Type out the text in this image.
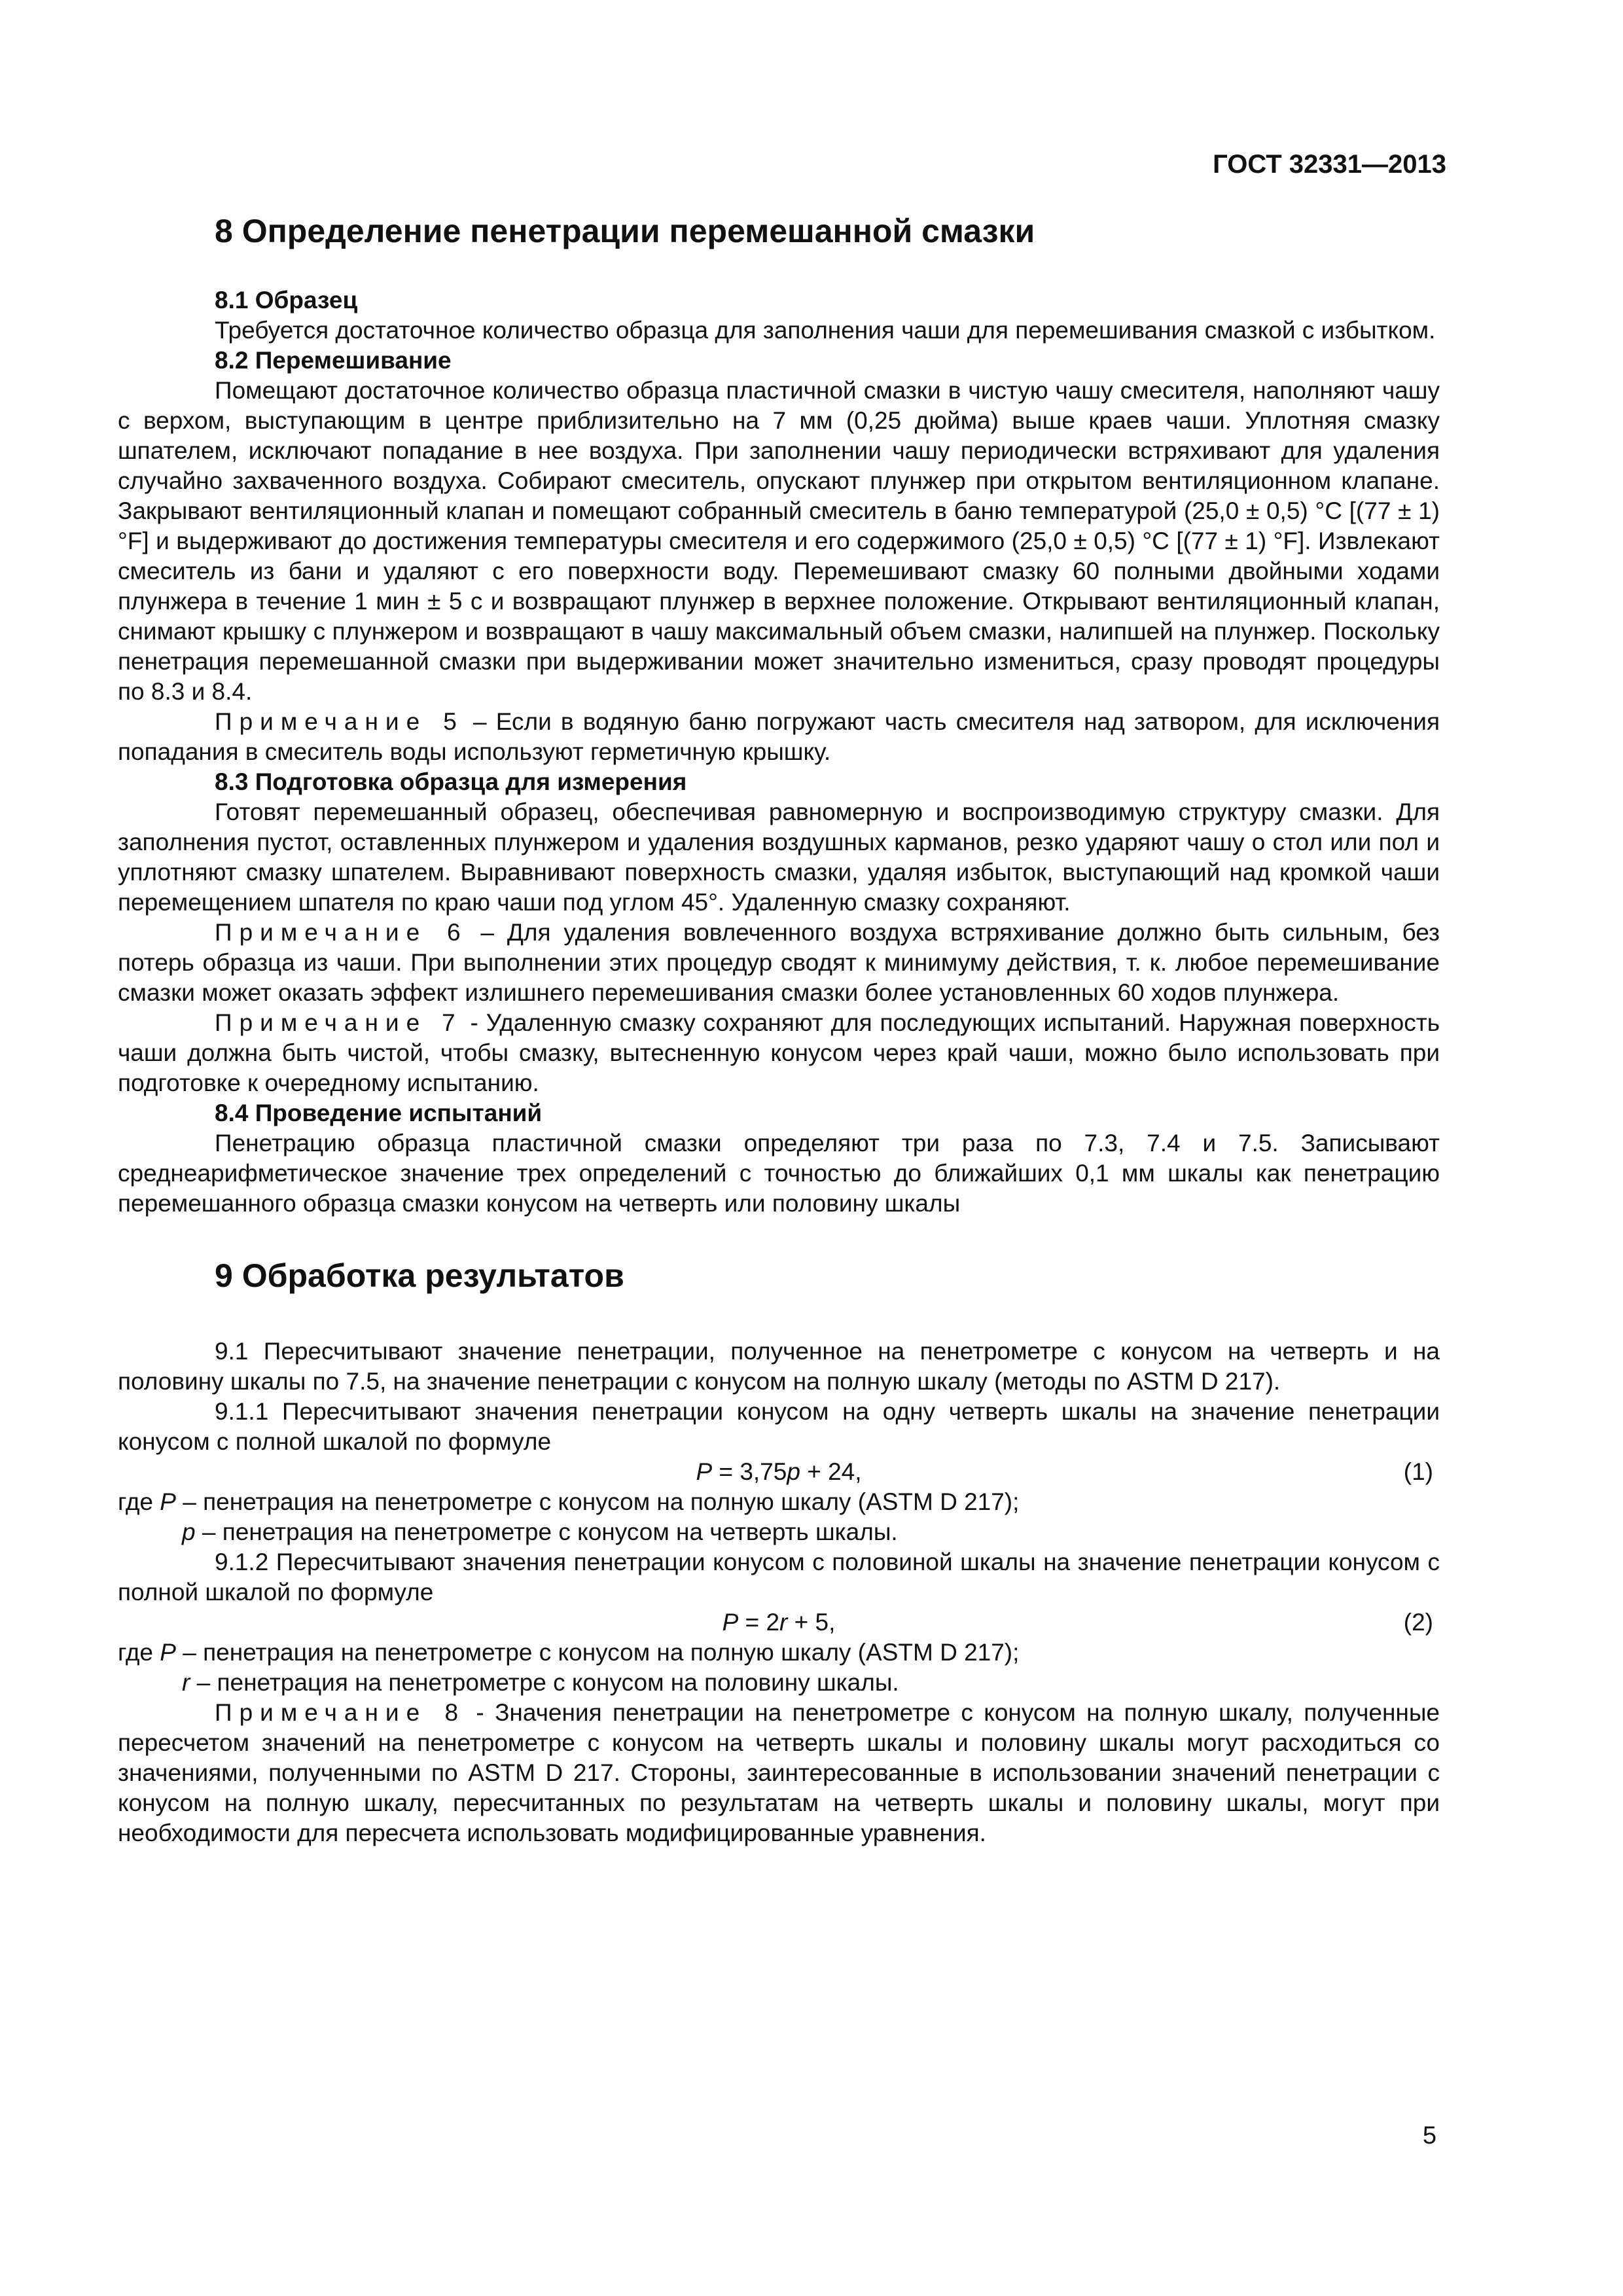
ГОСТ 32331—2013
8 Определение пенетрации перемешанной смазки
8.1 Образец

Требуется достаточное количество образца для заполнения чаши для перемешивания смазкой с избытком.

8.2 Перемешивание

Помещают достаточное количество образца пластичной смазки в чистую чашу смесителя, наполняют чашу с верхом, выступающим в центре приблизительно на 7 мм (0,25 дюйма) выше краев чаши. Уплотняя смазку шпателем, исключают попадание в нее воздуха. При заполнении чашу периодически встряхивают для удаления случайно захваченного воздуха. Собирают смеситель, опускают плунжер при открытом вентиляционном клапане. Закрывают вентиляционный клапан и помещают собранный смеситель в баню температурой (25,0 ± 0,5) °С [(77 ± 1) °F] и выдерживают до достижения температуры смесителя и его содержимого (25,0 ± 0,5) °С [(77 ± 1) °F]. Извлекают смеситель из бани и удаляют с его поверхности воду. Перемешивают смазку 60 полными двойными ходами плунжера в течение 1 мин ± 5 с и возвращают плунжер в верхнее положение. Открывают вентиляционный клапан, снимают крышку с плунжером и возвращают в чашу максимальный объем смазки, налипшей на плунжер. Поскольку пенетрация перемешанной смазки при выдерживании может значительно измениться, сразу проводят процедуры по 8.3 и 8.4.

Примечание 5 – Если в водяную баню погружают часть смесителя над затвором, для исключения попадания в смеситель воды используют герметичную крышку.

8.3 Подготовка образца для измерения

Готовят перемешанный образец, обеспечивая равномерную и воспроизводимую структуру смазки. Для заполнения пустот, оставленных плунжером и удаления воздушных карманов, резко ударяют чашу о стол или пол и уплотняют смазку шпателем. Выравнивают поверхность смазки, удаляя избыток, выступающий над кромкой чаши перемещением шпателя по краю чаши под углом 45°. Удаленную смазку сохраняют.

Примечание 6 – Для удаления вовлеченного воздуха встряхивание должно быть сильным, без потерь образца из чаши. При выполнении этих процедур сводят к минимуму действия, т. к. любое перемешивание смазки может оказать эффект излишнего перемешивания смазки более установленных 60 ходов плунжера.

Примечание 7 - Удаленную смазку сохраняют для последующих испытаний. Наружная поверхность чаши должна быть чистой, чтобы смазку, вытесненную конусом через край чаши, можно было использовать при подготовке к очередному испытанию.

8.4 Проведение испытаний

Пенетрацию образца пластичной смазки определяют три раза по 7.3, 7.4 и 7.5. Записывают среднеарифметическое значение трех определений с точностью до ближайших 0,1 мм шкалы как пенетрацию перемешанного образца смазки конусом на четверть или половину шкалы

9 Обработка результатов

9.1 Пересчитывают значение пенетрации, полученное на пенетрометре с конусом на четверть и на половину шкалы по 7.5, на значение пенетрации с конусом на полную шкалу (методы по ASTM D 217).

9.1.1 Пересчитывают значения пенетрации конусом на одну четверть шкалы на значение пенетрации конусом с полной шкалой по формуле

P = 3,75p + 24,	(1)

где P – пенетрация на пенетрометре с конусом на полную шкалу (ASTM D 217);

p – пенетрация на пенетрометре с конусом на четверть шкалы.

9.1.2 Пересчитывают значения пенетрации конусом с половиной шкалы на значение пенетрации конусом с полной шкалой по формуле

P = 2r + 5,	(2)

где P – пенетрация на пенетрометре с конусом на полную шкалу (ASTM D 217);

r – пенетрация на пенетрометре с конусом на половину шкалы.

Примечание 8 - Значения пенетрации на пенетрометре с конусом на полную шкалу, полученные пересчетом значений на пенетрометре с конусом на четверть шкалы и половину шкалы могут расходиться со значениями, полученными по ASTM D 217. Стороны, заинтересованные в использовании значений пенетрации с конусом на полную шкалу, пересчитанных по результатам на четверть шкалы и половину шкалы, могут при необходимости для пересчета использовать модифицированные уравнения.

5
